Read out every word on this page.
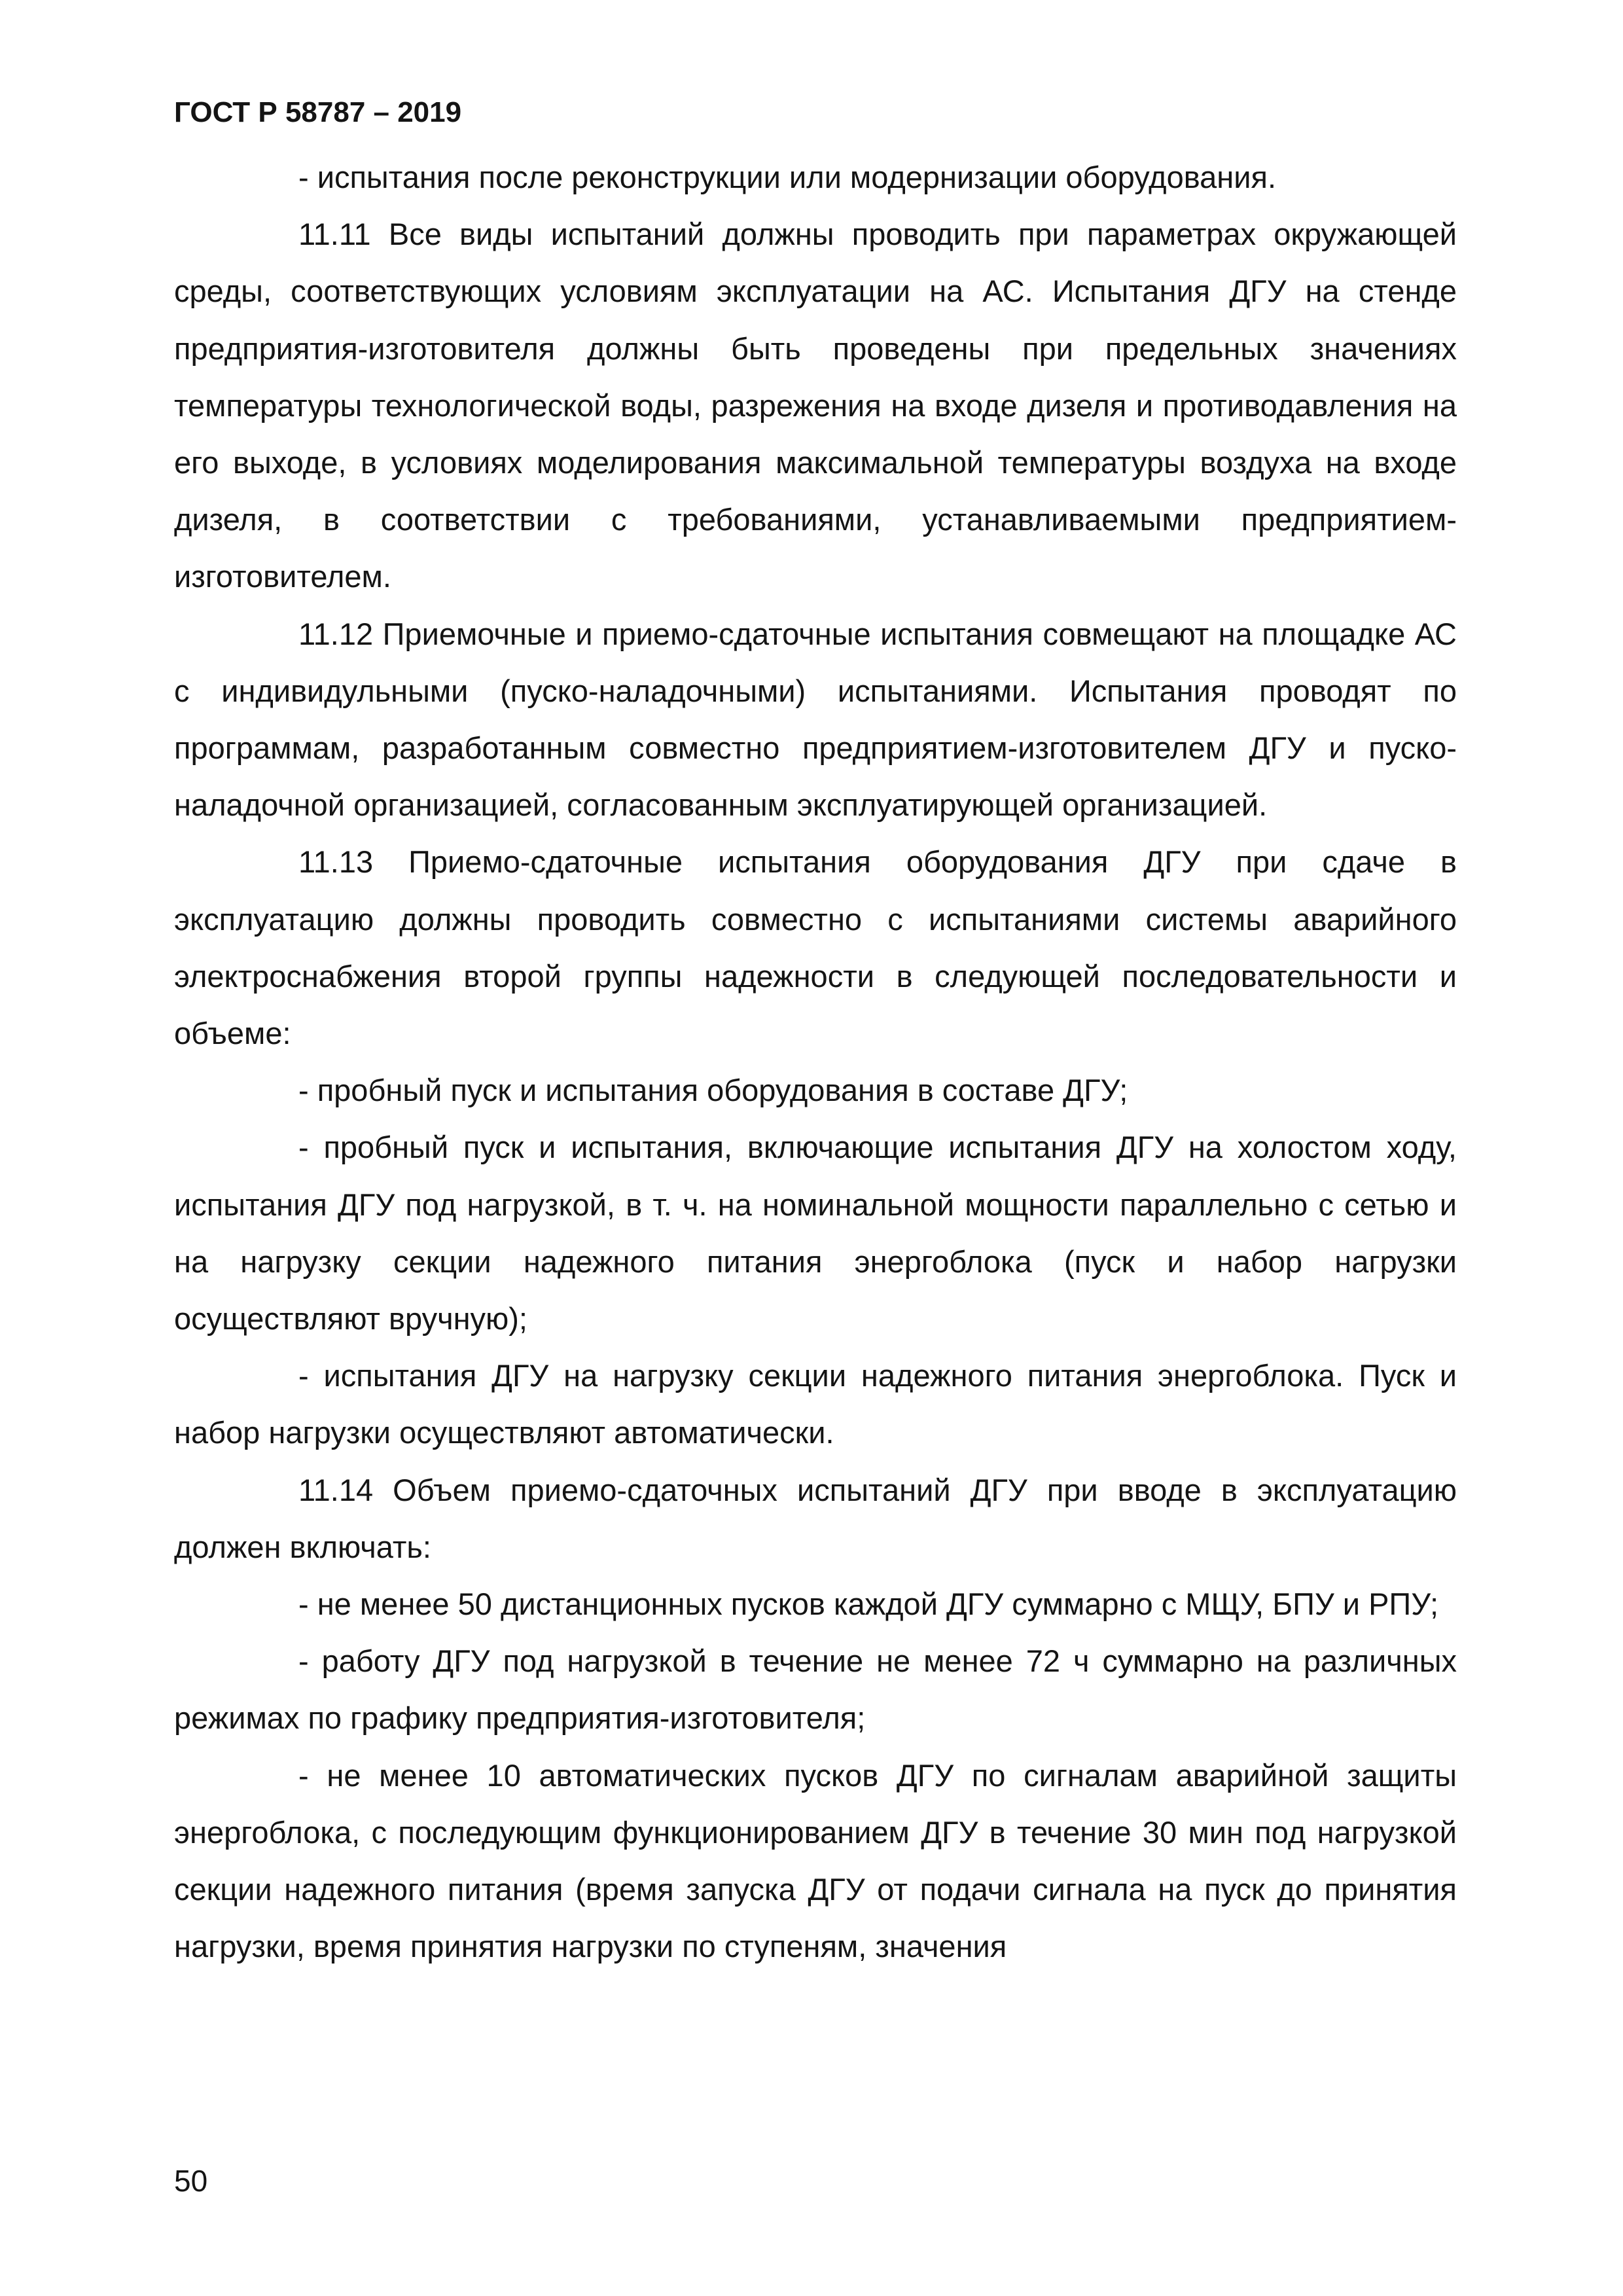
ГОСТ Р 58787 – 2019

- испытания после реконструкции или модернизации оборудования.

11.11 Все виды испытаний должны проводить при параметрах окружающей среды, соответствующих условиям эксплуатации на АС. Испытания ДГУ на стенде предприятия-изготовителя должны быть проведены при предельных значениях температуры технологической воды, разрежения на входе дизеля и противодавления на его выходе, в условиях моделирования максимальной температуры воздуха на входе дизеля, в соответствии с требованиями, устанавливаемыми предприятием-изготовителем.

11.12 Приемочные и приемо-сдаточные испытания совмещают на площадке АС с индивидульными (пуско-наладочными) испытаниями. Испытания проводят по программам, разработанным совместно предприятием-изготовителем ДГУ и пуско-наладочной организацией, согласованным эксплуатирующей организацией.

11.13 Приемо-сдаточные испытания оборудования ДГУ при сдаче в эксплуатацию должны проводить совместно с испытаниями системы аварийного электроснабжения второй группы надежности в следующей последовательности и объеме:

- пробный пуск и испытания оборудования в составе ДГУ;

- пробный пуск и испытания, включающие испытания ДГУ на холостом ходу, испытания ДГУ под нагрузкой, в т. ч. на номинальной мощности параллельно с сетью и на нагрузку секции надежного питания энергоблока (пуск и набор нагрузки осуществляют вручную);

- испытания ДГУ на нагрузку секции надежного питания энергоблока. Пуск и набор нагрузки осуществляют автоматически.

11.14 Объем приемо-сдаточных испытаний ДГУ при вводе в эксплуатацию должен включать:

- не менее 50 дистанционных пусков каждой ДГУ суммарно с МЩУ, БПУ и РПУ;

- работу ДГУ под нагрузкой в течение не менее 72 ч суммарно на различных режимах по графику предприятия-изготовителя;

- не менее 10 автоматических пусков ДГУ по сигналам аварийной защиты энергоблока, с последующим функционированием ДГУ в течение 30 мин под нагрузкой секции надежного питания (время запуска ДГУ от подачи сигнала на пуск до принятия нагрузки, время принятия нагрузки по ступеням, значения

50
